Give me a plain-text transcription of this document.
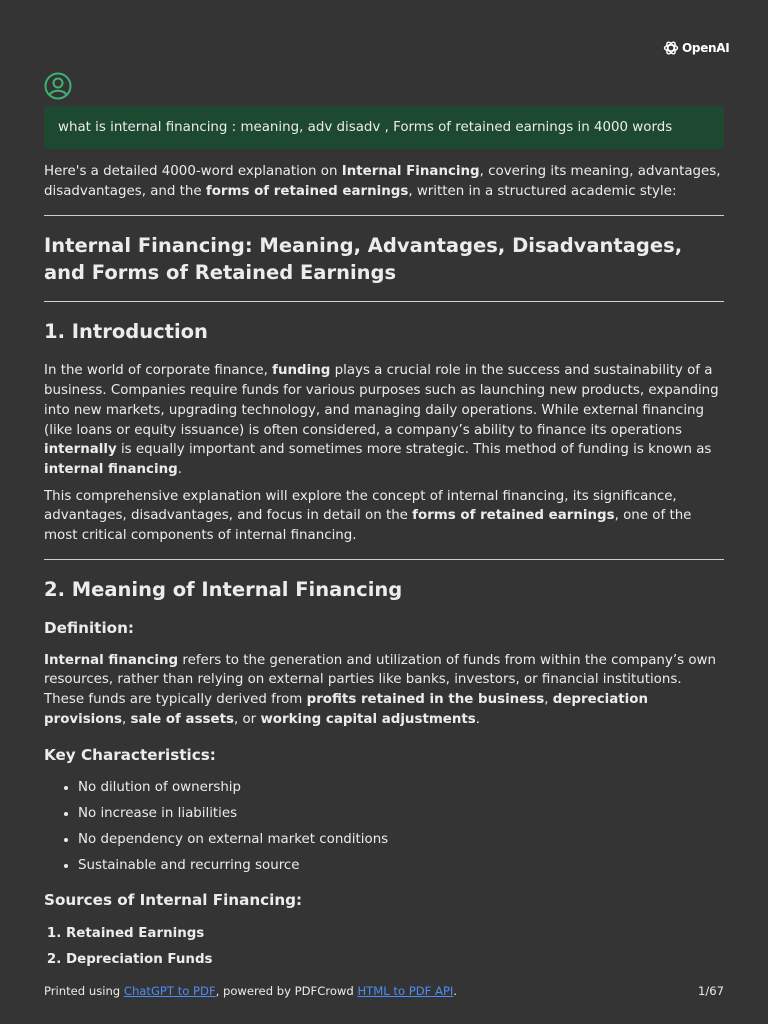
OpenAI
what is internal financing : meaning, adv disadv , Forms of retained earnings in 4000 words

Here's a detailed 4000-word explanation on Internal Financing, covering its meaning, advantages, disadvantages, and the forms of retained earnings, written in a structured academic style:

Internal Financing: Meaning, Advantages, Disadvantages, and Forms of Retained Earnings
1. Introduction

In the world of corporate finance, funding plays a crucial role in the success and sustainability of a business. Companies require funds for various purposes such as launching new products, expanding into new markets, upgrading technology, and managing daily operations. While external financing (like loans or equity issuance) is often considered, a company’s ability to finance its operations internally is equally important and sometimes more strategic. This method of funding is known as internal financing.

This comprehensive explanation will explore the concept of internal financing, its significance, advantages, disadvantages, and focus in detail on the forms of retained earnings, one of the most critical components of internal financing.

2. Meaning of Internal Financing
Definition:

Internal financing refers to the generation and utilization of funds from within the company’s own resources, rather than relying on external parties like banks, investors, or financial institutions. These funds are typically derived from profits retained in the business, depreciation provisions, sale of assets, or working capital adjustments.

Key Characteristics:
• No dilution of ownership
• No increase in liabilities
• No dependency on external market conditions
• Sustainable and recurring source
Sources of Internal Financing:
1. Retained Earnings
2. Depreciation Funds
Printed using ChatGPT to PDF, powered by PDFCrowd HTML to PDF API.	1/67
